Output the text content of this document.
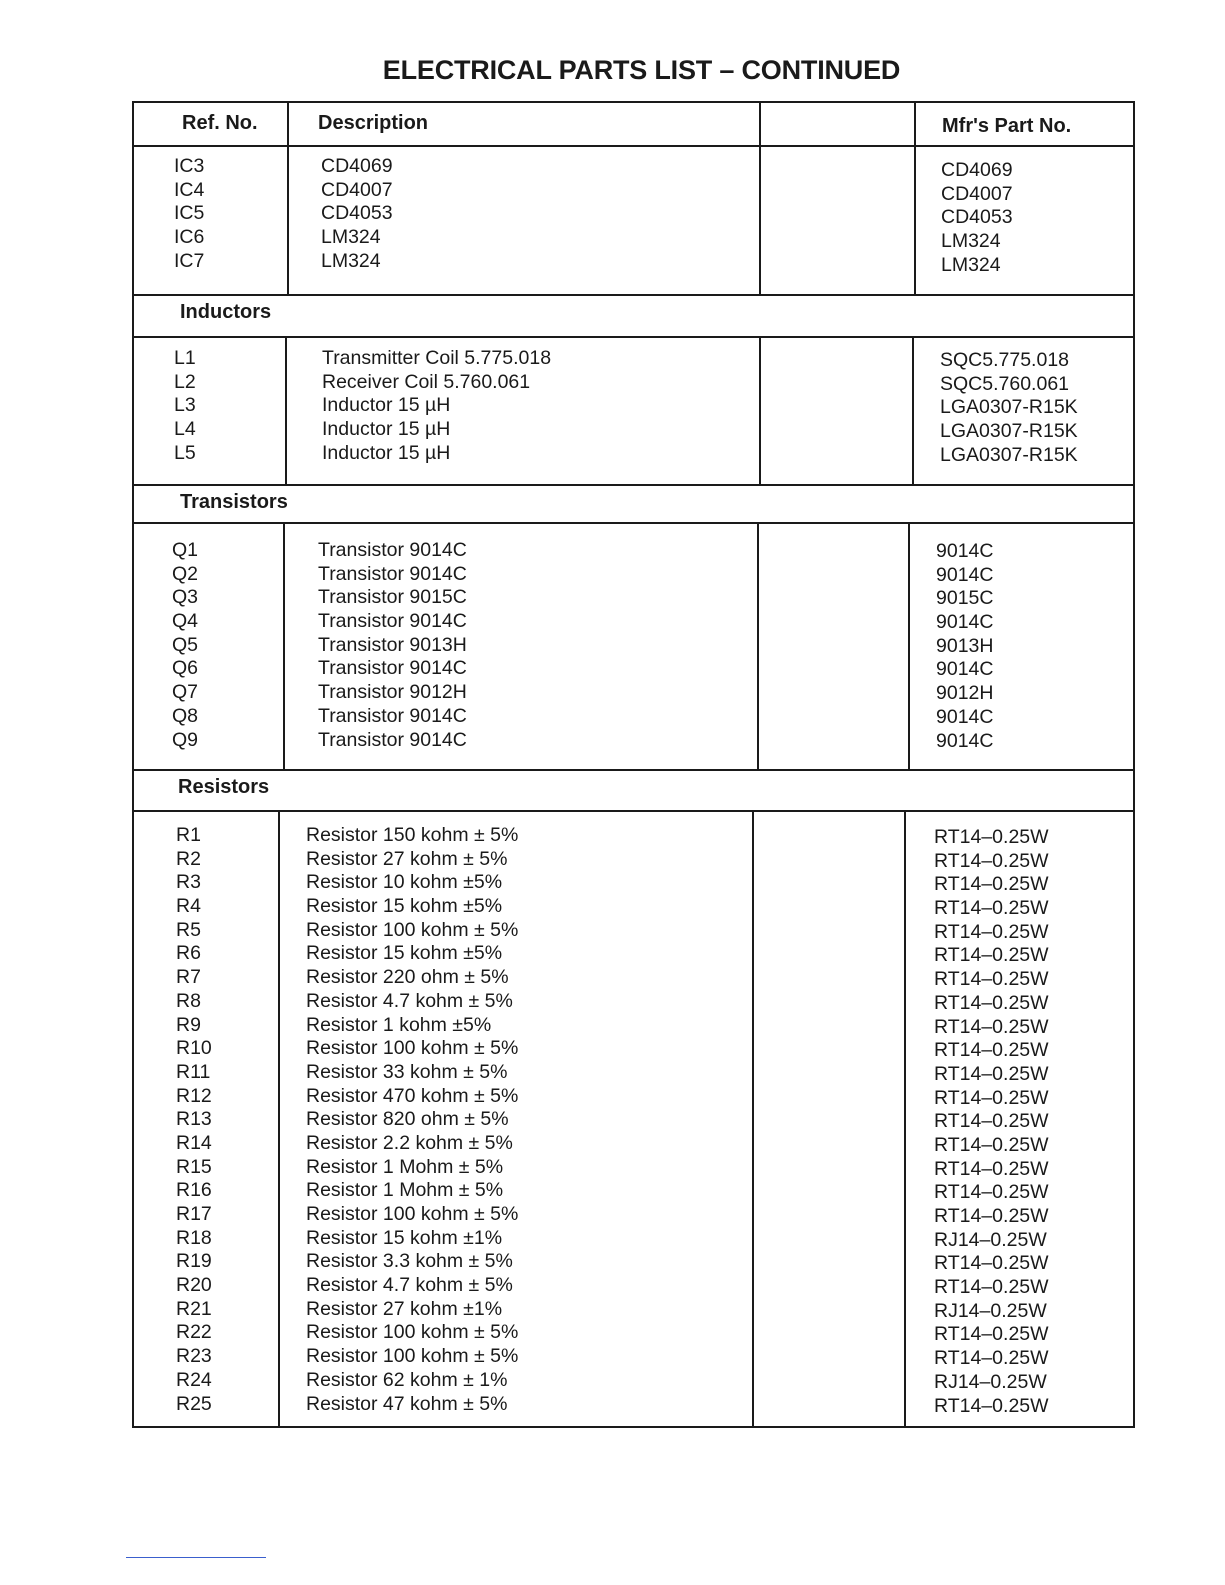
ELECTRICAL PARTS LIST – CONTINUED
Ref. No.	Description	Mfr's Part No.
Inductors
Transistors
Resistors
IC3
IC4
IC5
IC6
IC7
CD4069
CD4007
CD4053
LM324
LM324
CD4069
CD4007
CD4053
LM324
LM324
L1
L2
L3
L4
L5
Transmitter Coil 5.775.018
Receiver Coil 5.760.061
Inductor 15 µH
Inductor 15 µH
Inductor 15 µH
SQC5.775.018
SQC5.760.061
LGA0307-R15K
LGA0307-R15K
LGA0307-R15K
Q1
Q2
Q3
Q4
Q5
Q6
Q7
Q8
Q9
Transistor 9014C
Transistor 9014C
Transistor 9015C
Transistor 9014C
Transistor 9013H
Transistor 9014C
Transistor 9012H
Transistor 9014C
Transistor 9014C
9014C
9014C
9015C
9014C
9013H
9014C
9012H
9014C
9014C
R1
R2
R3
R4
R5
R6
R7
R8
R9
R10
R11
R12
R13
R14
R15
R16
R17
R18
R19
R20
R21
R22
R23
R24
R25
Resistor 150 kohm ± 5%
Resistor 27 kohm ± 5%
Resistor 10 kohm ±5%
Resistor 15 kohm ±5%
Resistor 100 kohm ± 5%
Resistor 15 kohm ±5%
Resistor 220 ohm ± 5%
Resistor 4.7 kohm ± 5%
Resistor 1 kohm ±5%
Resistor 100 kohm ± 5%
Resistor 33 kohm ± 5%
Resistor 470 kohm ± 5%
Resistor 820 ohm ± 5%
Resistor 2.2 kohm ± 5%
Resistor 1 Mohm ± 5%
Resistor 1 Mohm ± 5%
Resistor 100 kohm ± 5%
Resistor 15 kohm ±1%
Resistor 3.3 kohm ± 5%
Resistor 4.7 kohm ± 5%
Resistor 27 kohm ±1%
Resistor 100 kohm ± 5%
Resistor 100 kohm ± 5%
Resistor 62 kohm ± 1%
Resistor 47 kohm ± 5%
RT14–0.25W
RT14–0.25W
RT14–0.25W
RT14–0.25W
RT14–0.25W
RT14–0.25W
RT14–0.25W
RT14–0.25W
RT14–0.25W
RT14–0.25W
RT14–0.25W
RT14–0.25W
RT14–0.25W
RT14–0.25W
RT14–0.25W
RT14–0.25W
RT14–0.25W
RJ14–0.25W
RT14–0.25W
RT14–0.25W
RJ14–0.25W
RT14–0.25W
RT14–0.25W
RJ14–0.25W
RT14–0.25W
